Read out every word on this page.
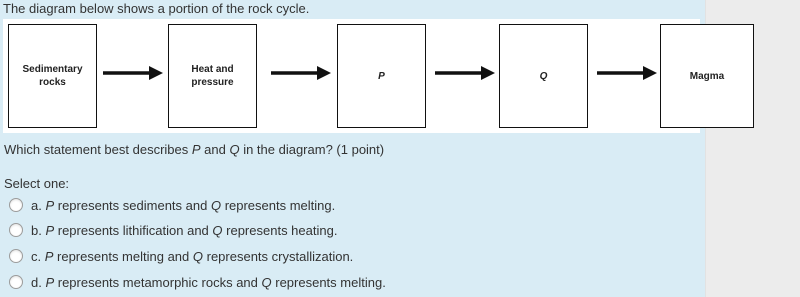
The diagram below shows a portion of the rock cycle.
Sedimentary
rocks
Heat and
pressure
P	Q	Magma
Which statement best describes P and Q in the diagram? (1 point)
Select one:
a. P represents sediments and Q represents melting.
b. P represents lithification and Q represents heating.
c. P represents melting and Q represents crystallization.
d. P represents metamorphic rocks and Q represents melting.
